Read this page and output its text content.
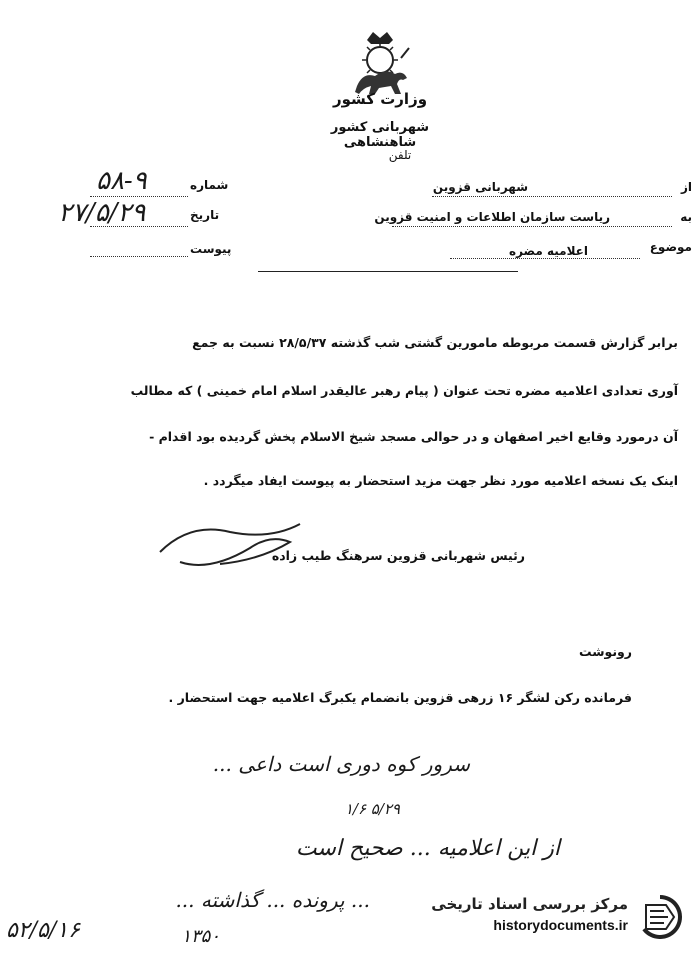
وزارت کشور
شهربانی کشور شاهنشاهی
تلفن
شماره
۵۸-۹
تاریخ
۲۷/۵/۲۹
پیوست
از
شهربانی قزوین
به
ریاست سازمان اطلاعات و امنیت قزوین
موضوع
اعلامیه مضره
برابر گزارش قسمت مربوطه مامورین گشتی شب گذشته ۲۸/۵/۳۷ نسبت به جمع
آوری تعدادی اعلامیه مضره تحت عنوان ( پیام رهبر عالیقدر اسلام امام خمینی ) که مطالب
آن درمورد وقایع اخیر اصفهان و در حوالی مسجد شیخ الاسلام پخش گردیده بود اقدام -
اینک یک نسخه اعلامیه مورد نظر جهت مزید استحضار به پیوست ایفاد میگردد .
رئیس شهربانی قزوین سرهنگ طیب زاده
رونوشت
فرمانده رکن لشگر ۱۶ زرهی قزوین بانضمام یکبرگ اعلامیه جهت استحضار .
سرور کوه دوری است داعی ...
۱/۶ ۵/۲۹
از این اعلامیه ... صحیح است
... پرونده ... گذاشته ...
۱۳۵۰
۵۲/۵/۱۶
مرکز بررسی اسناد تاریخی
historydocuments.ir
